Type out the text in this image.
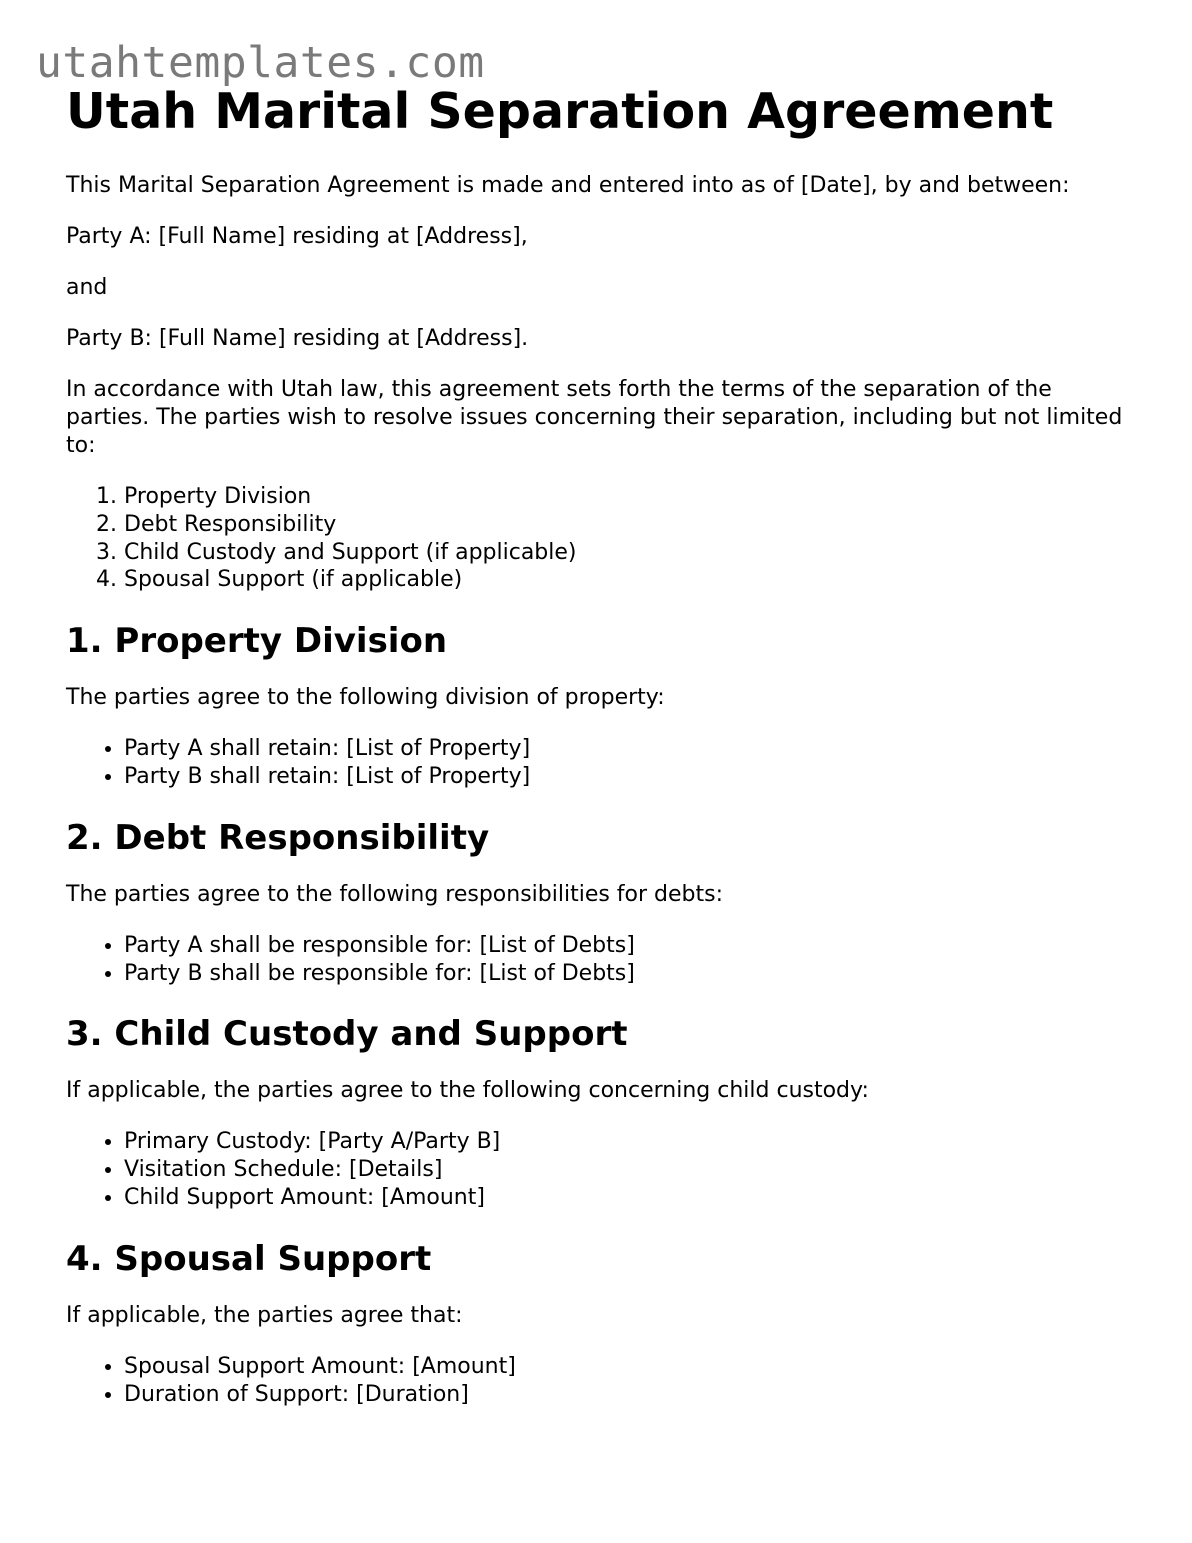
utahtemplates.com
Utah Marital Separation Agreement

This Marital Separation Agreement is made and entered into as of [Date], by and between:

Party A: [Full Name] residing at [Address],

and

Party B: [Full Name] residing at [Address].

In accordance with Utah law, this agreement sets forth the terms of the separation of the parties. The parties wish to resolve issues concerning their separation, including but not limited to:

1. Property Division
2. Debt Responsibility
3. Child Custody and Support (if applicable)
4. Spousal Support (if applicable)
1. Property Division

The parties agree to the following division of property:

• Party A shall retain: [List of Property]
• Party B shall retain: [List of Property]
2. Debt Responsibility

The parties agree to the following responsibilities for debts:

• Party A shall be responsible for: [List of Debts]
• Party B shall be responsible for: [List of Debts]
3. Child Custody and Support

If applicable, the parties agree to the following concerning child custody:

• Primary Custody: [Party A/Party B]
• Visitation Schedule: [Details]
• Child Support Amount: [Amount]
4. Spousal Support

If applicable, the parties agree that:

• Spousal Support Amount: [Amount]
• Duration of Support: [Duration]
